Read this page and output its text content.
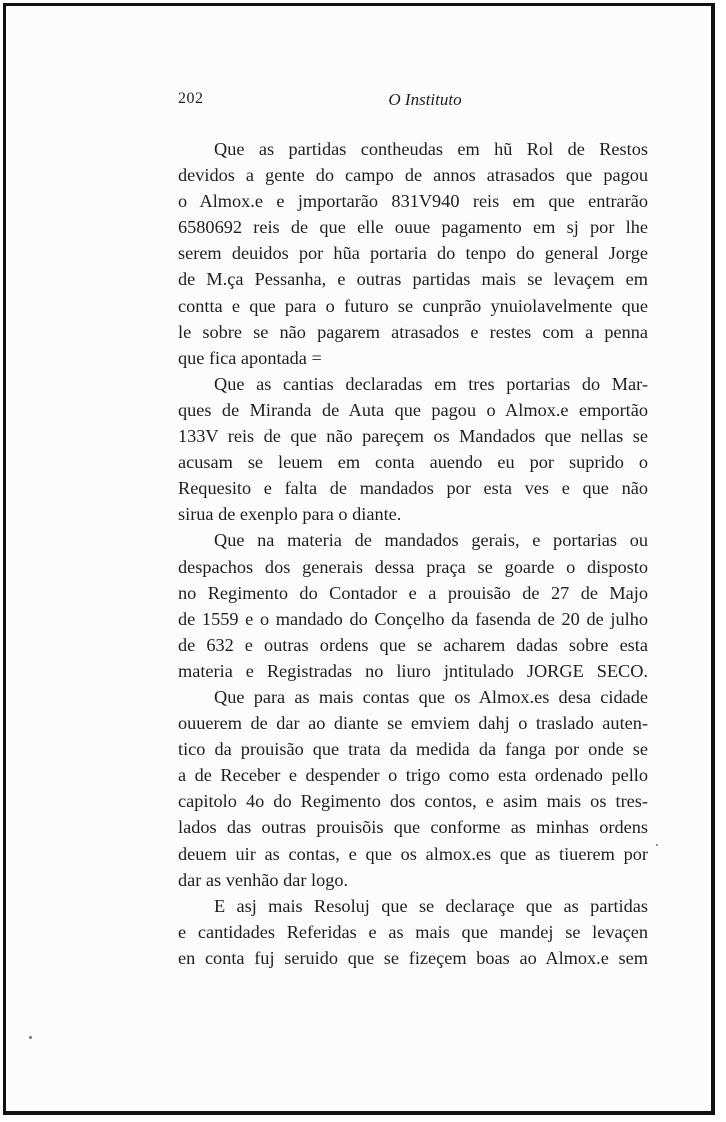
202	O Instituto
Que as partidas contheudas em hũ Rol de Restos
devidos a gente do campo de annos atrasados que pagou
o Almox.e e jmportarão 831V940 reis em que entrarão
6580692 reis de que elle ouue pagamento em sj por lhe
serem deuidos por hũa portaria do tenpo do general Jorge
de M.ça Pessanha, e outras partidas mais se levaçem em
contta e que para o futuro se cunprão ynuiolavelmente que
le sobre se não pagarem atrasados e restes com a penna
que fica apontada =
Que as cantias declaradas em tres portarias do Mar-
ques de Miranda de Auta que pagou o Almox.e emportão
133V reis de que não pareçem os Mandados que nellas se
acusam se leuem em conta auendo eu por suprido o
Requesito e falta de mandados por esta ves e que não
sirua de exenplo para o diante.
Que na materia de mandados gerais, e portarias ou
despachos dos generais dessa praça se goarde o disposto
no Regimento do Contador e a prouisão de 27 de Majo
de 1559 e o mandado do Conçelho da fasenda de 20 de julho
de 632 e outras ordens que se acharem dadas sobre esta
materia e Registradas no liuro jntitulado JORGE SECO.
Que para as mais contas que os Almox.es desa cidade
ouuerem de dar ao diante se emviem dahj o traslado auten-
tico da prouisão que trata da medida da fanga por onde se
a de Receber e despender o trigo como esta ordenado pello
capitolo 4o do Regimento dos contos, e asim mais os tres-
lados das outras prouisõis que conforme as minhas ordens
deuem uir as contas, e que os almox.es que as tiuerem por
dar as venhão dar logo.
E asj mais Resoluj que se declaraçe que as partidas
e cantidades Referidas e as mais que mandej se levaçen
en conta fuj seruido que se fizeçem boas ao Almox.e sem
